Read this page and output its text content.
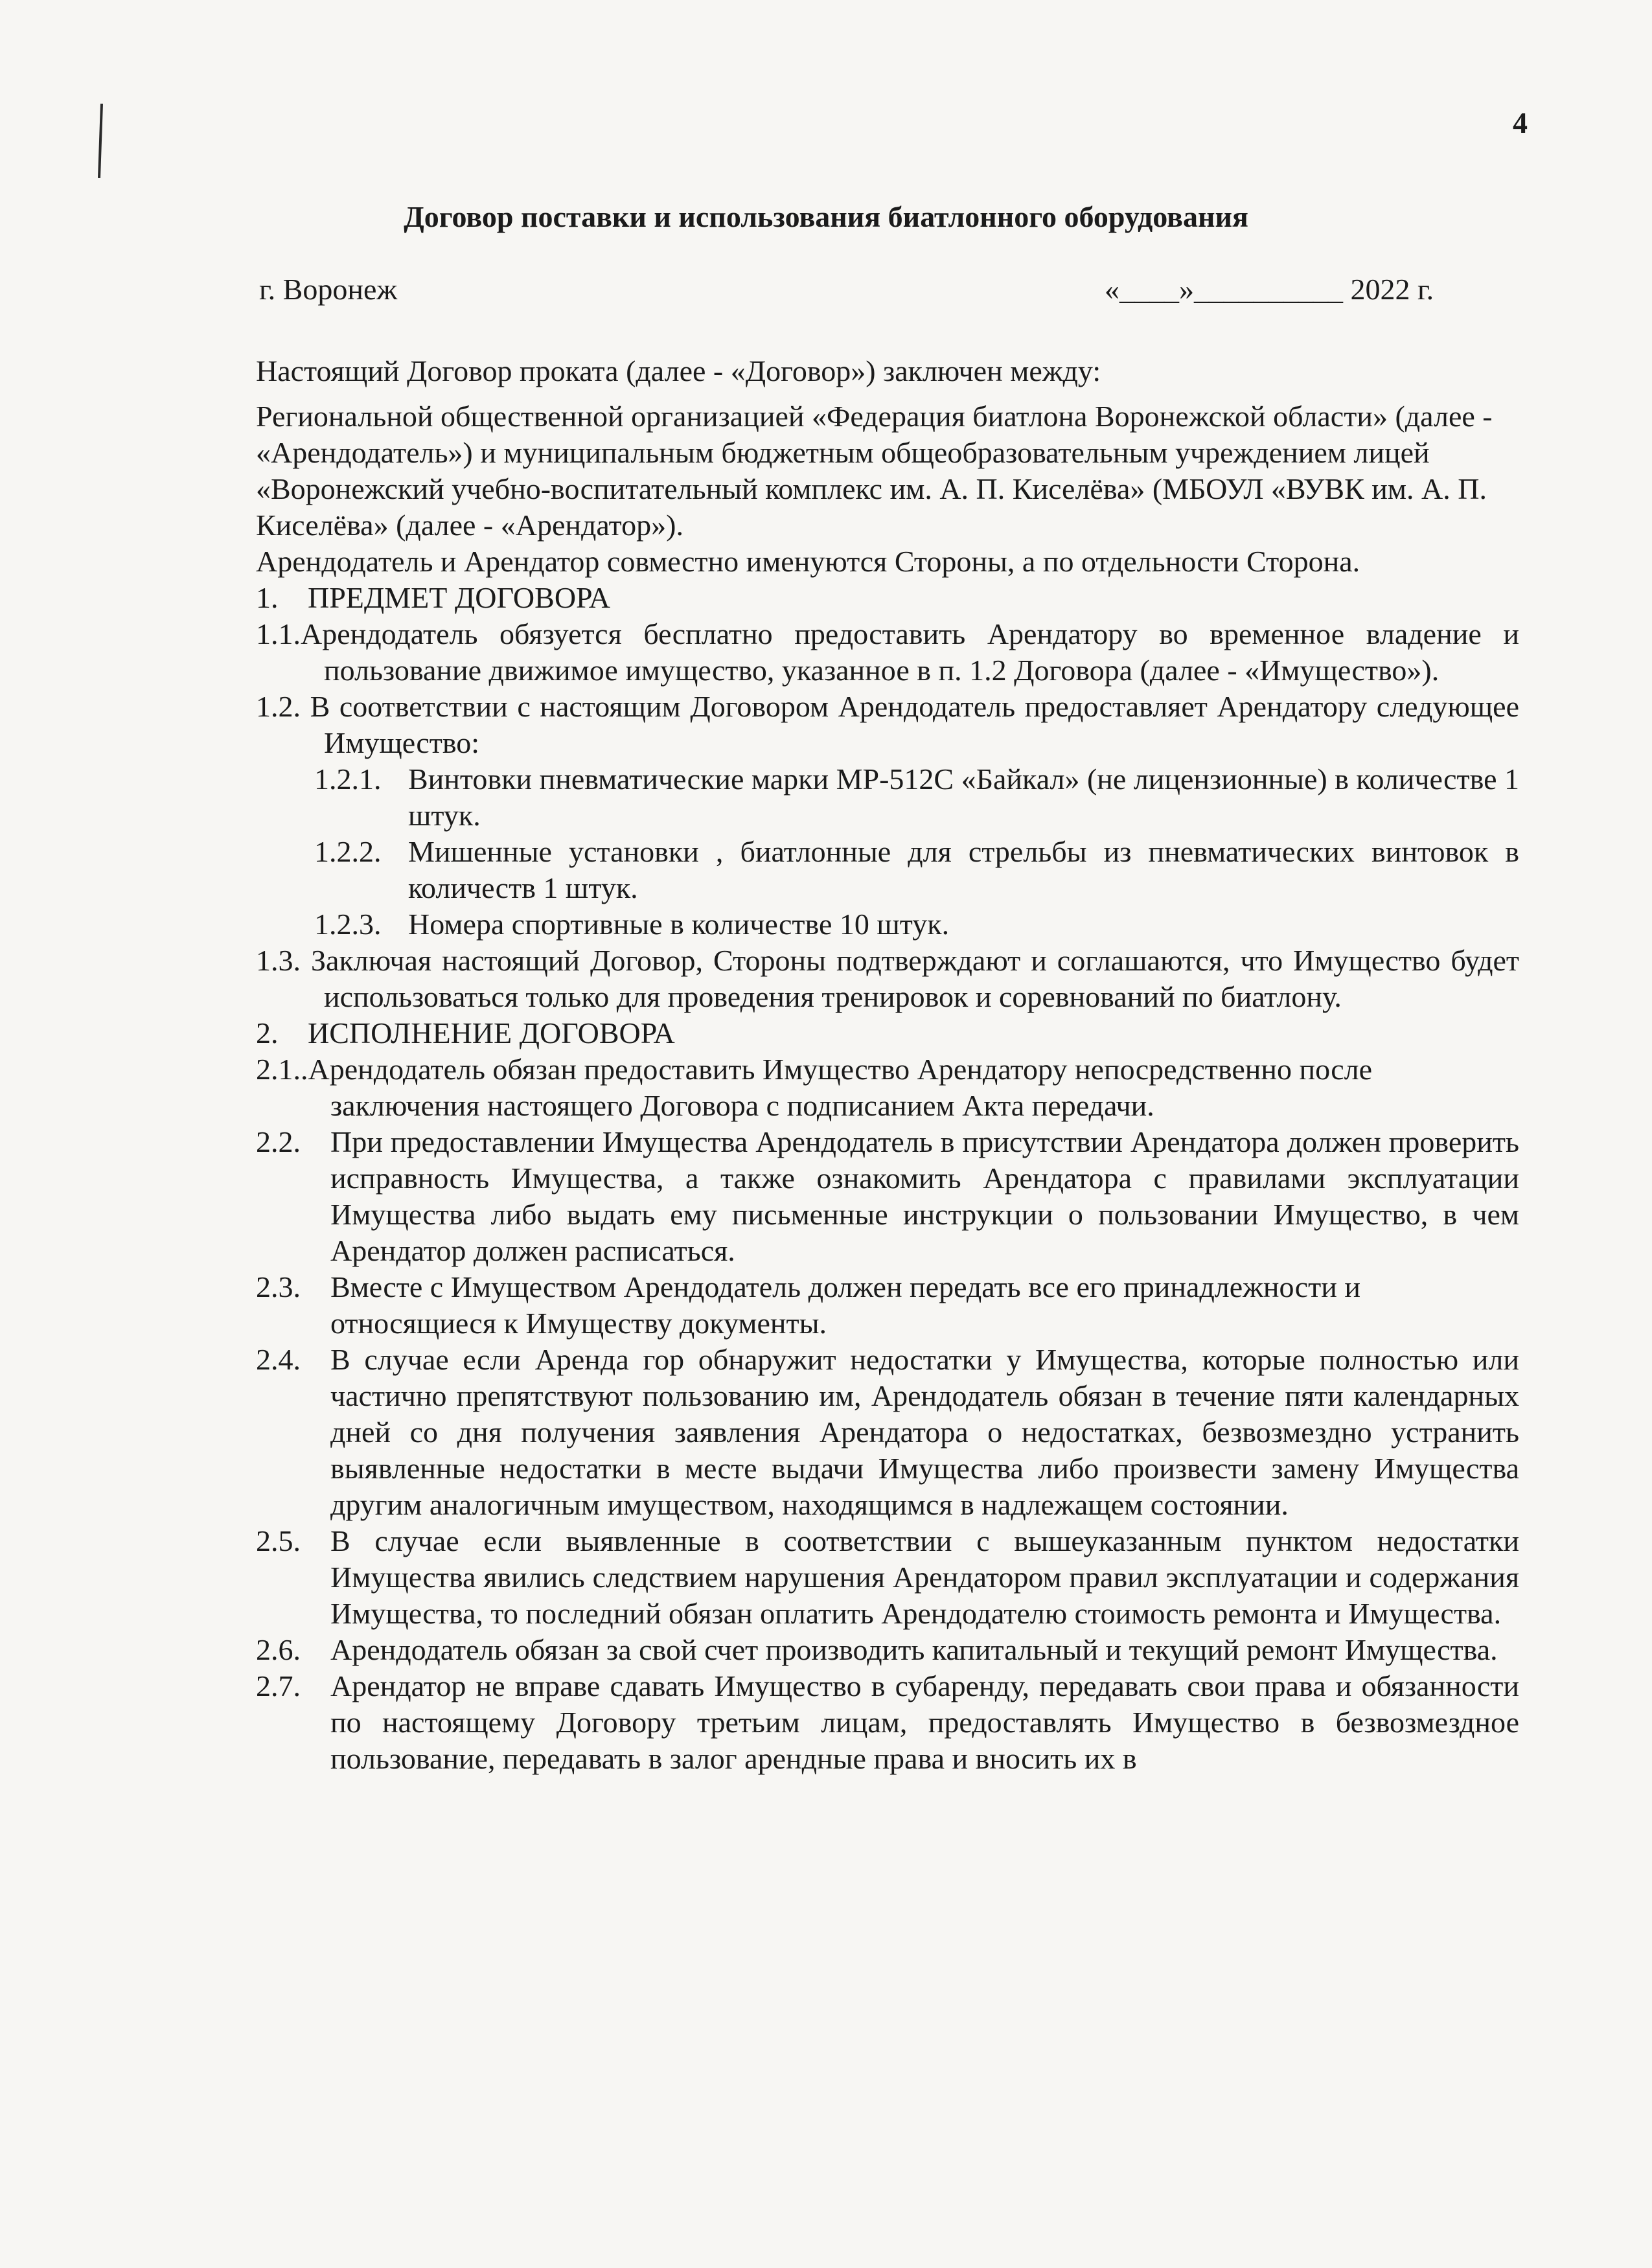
4
Договор поставки и использования биатлонного оборудования
г. Воронеж	«____»__________ 2022 г.

Настоящий Договор проката (далее - «Договор») заключен между:

Региональной общественной организацией «Федерация биатлона Воронежской области» (далее - «Арендодатель») и муниципальным бюджетным общеобразовательным учреждением лицей «Воронежский учебно-воспитательный комплекс им. А. П. Киселёва» (МБОУЛ «ВУВК им. А. П. Киселёва» (далее - «Арендатор»).

Арендодатель и Арендатор совместно именуются Стороны, а по отдельности Сторона.

1. ПРЕДМЕТ ДОГОВОРА
1.1.Арендодатель обязуется бесплатно предоставить Арендатору во временное владение и пользование движимое имущество, указанное в п. 1.2 Договора (далее - «Имущество»).
1.2. В соответствии с настоящим Договором Арендодатель предоставляет Арендатору следующее Имущество:
1.2.1. Винтовки пневматические марки МР-512С «Байкал» (не лицензионные) в количестве 1 штук.
1.2.2. Мишенные установки , биатлонные для стрельбы из пневматических винтовок в количеств 1 штук.
1.2.3. Номера спортивные в количестве 10 штук.
1.3. Заключая настоящий Договор, Стороны подтверждают и соглашаются, что Имущество будет использоваться только для проведения тренировок и соревнований по биатлону.
2. ИСПОЛНЕНИЕ ДОГОВОРА
2.1..Арендодатель обязан предоставить Имущество Арендатору непосредственно после заключения настоящего Договора с подписанием Акта передачи.
2.2. При предоставлении Имущества Арендодатель в присутствии Арендатора должен проверить исправность Имущества, а также ознакомить Арендатора с правилами эксплуатации Имущества либо выдать ему письменные инструкции о пользовании Имущество, в чем Арендатор должен расписаться.
2.3. Вместе с Имуществом Арендодатель должен передать все его принадлежности и относящиеся к Имуществу документы.
2.4. В случае если Аренда гор обнаружит недостатки у Имущества, которые полностью или частично препятствуют пользованию им, Арендодатель обязан в течение пяти календарных дней со дня получения заявления Арендатора о недостатках, безвозмездно устранить выявленные недостатки в месте выдачи Имущества либо произвести замену Имущества другим аналогичным имуществом, находящимся в надлежащем состоянии.
2.5. В случае если выявленные в соответствии с вышеуказанным пунктом недостатки Имущества явились следствием нарушения Арендатором правил эксплуатации и содержания Имущества, то последний обязан оплатить Арендодателю стоимость ремонта и Имущества.
2.6. Арендодатель обязан за свой счет производить капитальный и текущий ремонт Имущества.
2.7. Арендатор не вправе сдавать Имущество в субаренду, передавать свои права и обязанности по настоящему Договору третьим лицам, предоставлять Имущество в безвозмездное пользование, передавать в залог арендные права и вносить их в
